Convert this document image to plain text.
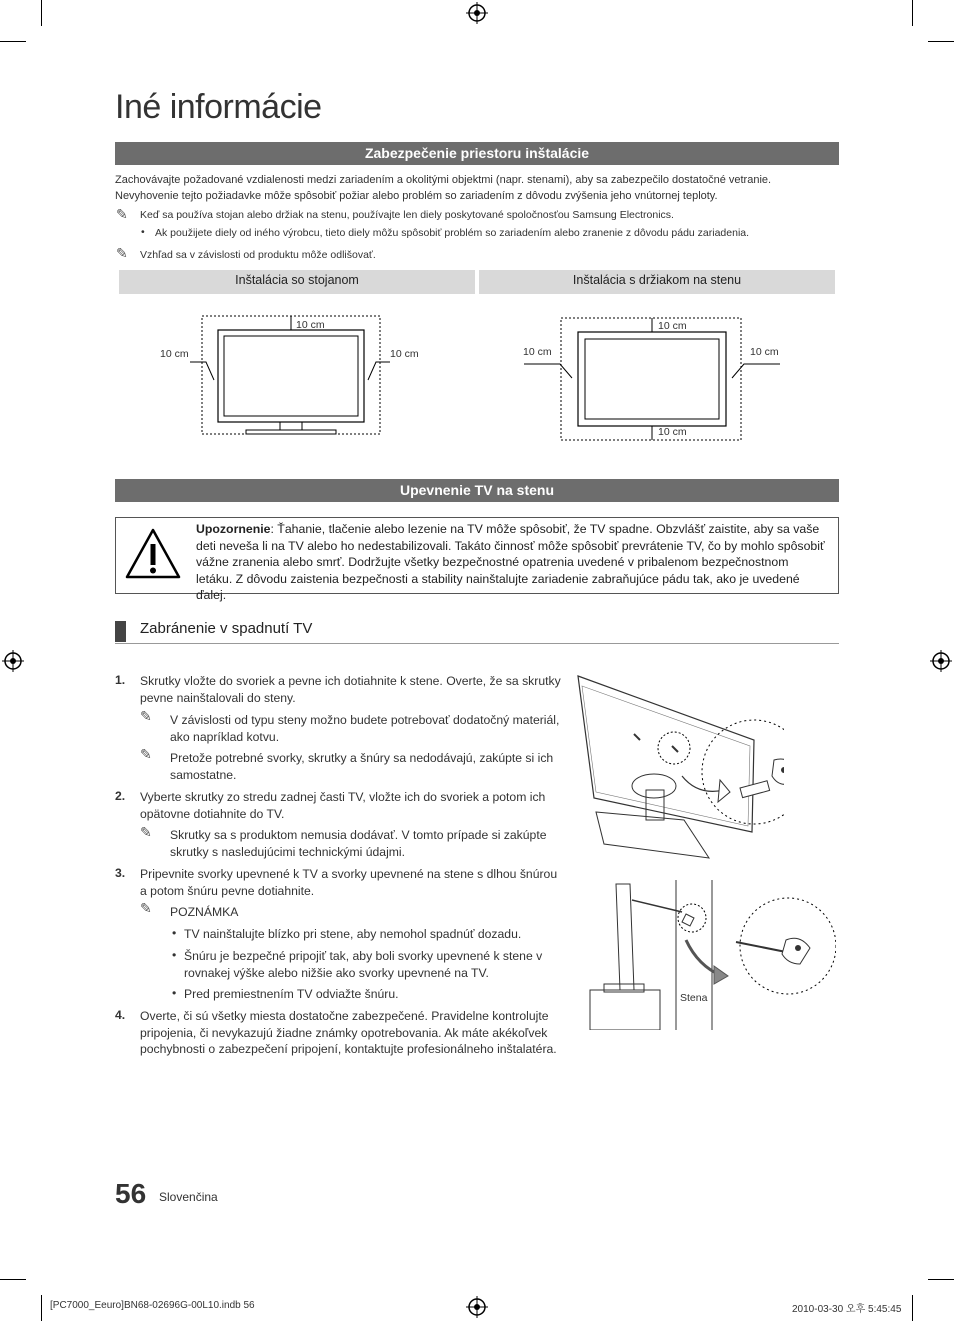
Iné informácie
Zabezpečenie priestoru inštalácie
Zachovávajte požadované vzdialenosti medzi zariadením a okolitými objektmi (napr. stenami), aby sa zabezpečilo dostatočné vetranie.
Nevyhovenie tejto požiadavke môže spôsobiť požiar alebo problém so zariadením z dôvodu zvýšenia jeho vnútornej teploty.
✎ Keď sa používa stojan alebo držiak na stenu, používajte len diely poskytované spoločnosťou Samsung Electronics.
• Ak použijete diely od iného výrobcu, tieto diely môžu spôsobiť problém so zariadením alebo zranenie z dôvodu pádu zariadenia.
✎ Vzhľad sa v závislosti od produktu môže odlišovať.
Inštalácia so stojanom	Inštalácia s držiakom na stenu
10 cm
10 cm	10 cm
10 cm
10 cm	10 cm
10 cm
Upevnenie TV na stenu
Upozornenie: Ťahanie, tlačenie alebo lezenie na TV môže spôsobiť, že TV spadne. Obzvlášť zaistite, aby sa vaše deti neveša li na TV alebo ho nedestabilizovali. Takáto činnosť môže spôsobiť prevrátenie TV, čo by mohlo spôsobiť vážne zranenia alebo smrť. Dodržujte všetky bezpečnostné opatrenia uvedené v pribalenom bezpečnostnom letáku. Z dôvodu zaistenia bezpečnosti a stability nainštalujte zariadenie zabraňujúce pádu tak, ako je uvedené ďalej.
Zabránenie v spadnutí TV
1. Skrutky vložte do svoriek a pevne ich dotiahnite k stene. Overte, že sa skrutky pevne nainštalovali do steny.
✎ V závislosti od typu steny možno budete potrebovať dodatočný materiál, ako napríklad kotvu.
✎ Pretože potrebné svorky, skrutky a šnúry sa nedodávajú, zakúpte si ich samostatne.
2. Vyberte skrutky zo stredu zadnej časti TV, vložte ich do svoriek a potom ich opätovne dotiahnite do TV.
✎ Skrutky sa s produktom nemusia dodávať. V tomto prípade si zakúpte skrutky s nasledujúcimi technickými údajmi.
3. Pripevnite svorky upevnené k TV a svorky upevnené na stene s dlhou šnúrou a potom šnúru pevne dotiahnite.
✎ POZNÁMKA
• TV nainštalujte blízko pri stene, aby nemohol spadnúť dozadu.
• Šnúru je bezpečné pripojiť tak, aby boli svorky upevnené k stene v rovnakej výške alebo nižšie ako svorky upevnené na TV.
• Pred premiestnením TV odviažte šnúru.
4. Overte, či sú všetky miesta dostatočne zabezpečené. Pravidelne kontrolujte pripojenia, či nevykazujú žiadne známky opotrebovania. Ak máte akékoľvek pochybnosti o zabezpečení pripojení, kontaktujte profesionálneho inštalatéra.
Stena
56 Slovenčina
[PC7000_Eeuro]BN68-02696G-00L10.indb 56	2010-03-30 오후 5:45:45
